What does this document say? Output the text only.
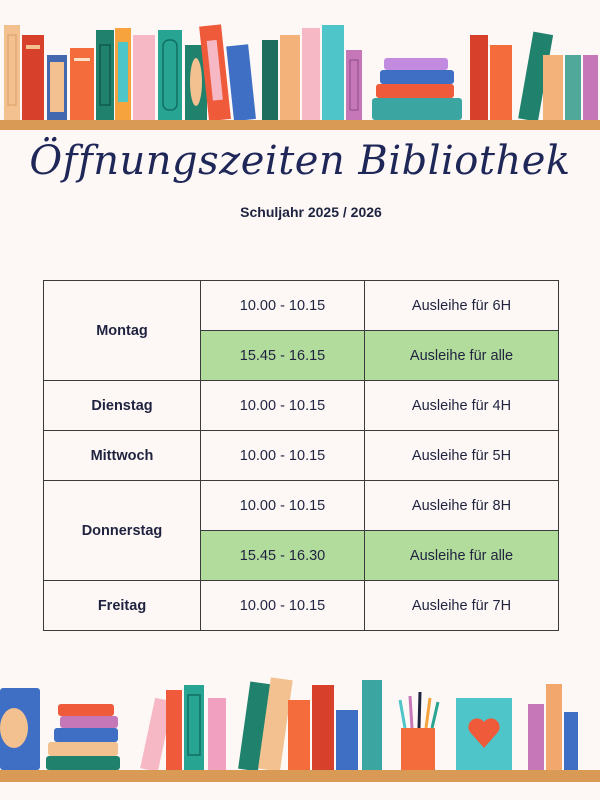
Öffnungszeiten Bibliothek
Schuljahr 2025 / 2026
Montag	10.00 - 10.15	Ausleihe für 6H
	15.45 - 16.15	Ausleihe für alle
Dienstag	10.00 - 10.15	Ausleihe für 4H
Mittwoch	10.00 - 10.15	Ausleihe für 5H
Donnerstag	10.00 - 10.15	Ausleihe für 8H
	15.45 - 16.30	Ausleihe für alle
Freitag	10.00 - 10.15	Ausleihe für 7H
